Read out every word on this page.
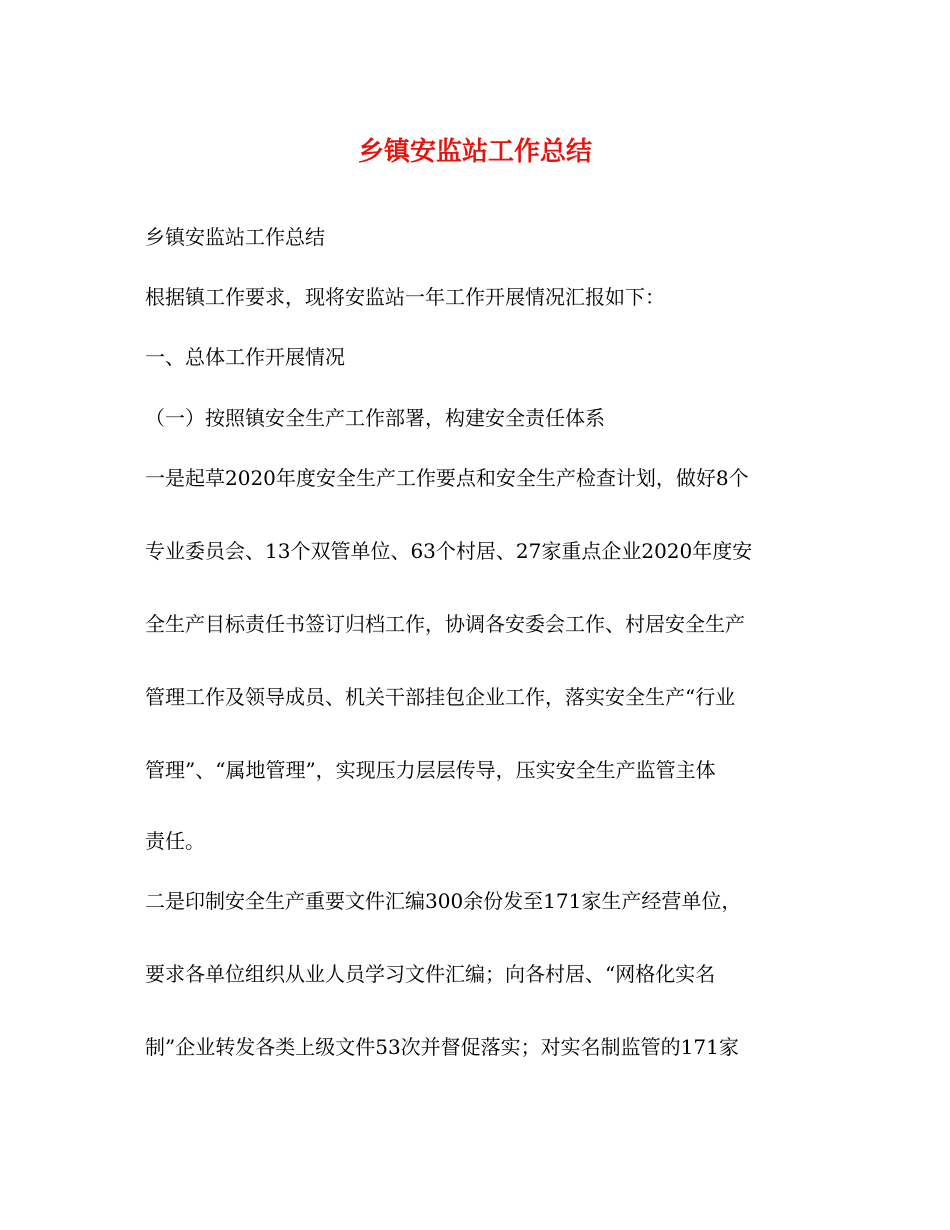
乡镇安监站工作总结
乡镇安监站工作总结
根据镇工作要求，现将安监站一年工作开展情况汇报如下：
一、总体工作开展情况
（一）按照镇安全生产工作部署，构建安全责任体系
一是起草2020年度安全生产工作要点和安全生产检查计划，做好8个
专业委员会、13个双管单位、63个村居、27家重点企业2020年度安
全生产目标责任书签订归档工作，协调各安委会工作、村居安全生产
管理工作及领导成员、机关干部挂包企业工作，落实安全生产“行业
管理”、“属地管理”，实现压力层层传导，压实安全生产监管主体
责任。
二是印制安全生产重要文件汇编300余份发至171家生产经营单位，
要求各单位组织从业人员学习文件汇编；向各村居、“网格化实名
制”企业转发各类上级文件53次并督促落实；对实名制监管的171家
